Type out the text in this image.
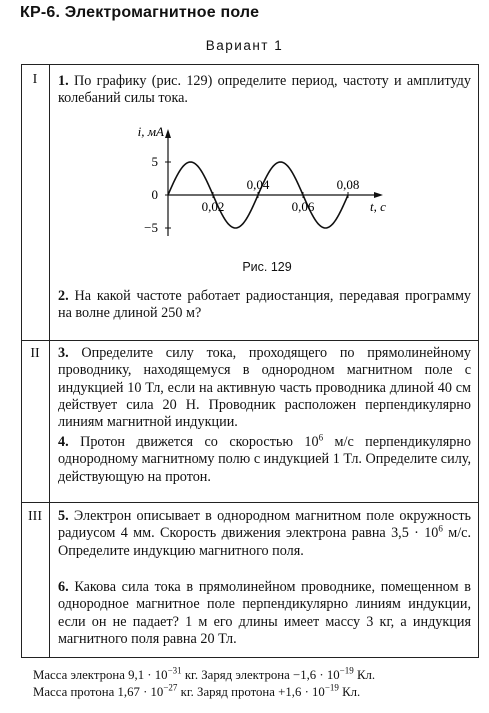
КР-6. Электромагнитное поле
Вариант 1
I
II
III
1. По графику (рис. 129) определите период, частоту и амплитуду колебаний силы тока.
5
0
−5
0,02	0,06
0,04	0,08
i, мА
t, с
Рис. 129
2. На какой частоте работает радиостанция, передавая программу на волне длиной 250 м?
3. Определите силу тока, проходящего по прямолинейному проводнику, находящемуся в однородном магнитном поле с индукцией 10 Тл, если на активную часть проводника длиной 40 см действует сила 20 Н. Проводник расположен перпендикулярно линиям магнитной индукции.
4. Протон движется со скоростью $10^6$ м/с перпендикулярно однородному магнитному полю с индукцией 1 Тл. Определите силу, действующую на протон.
5. Электрон описывает в однородном магнитном поле окружность радиусом 4 мм. Скорость движения электрона равна $3,5 \cdot 10^6$ м/с. Определите индукцию магнитного поля.
6. Какова сила тока в прямолинейном проводнике, помещенном в однородное магнитное поле перпендикулярно линиям индукции, если он не падает? 1 м его длины имеет массу 3 кг, а индукция магнитного поля равна 20 Тл.
Масса электрона $9,1 \cdot 10^{-31}$ кг. Заряд электрона $-1,6 \cdot 10^{-19}$ Кл.
Масса протона $1,67 \cdot 10^{-27}$ кг. Заряд протона $+1,6 \cdot 10^{-19}$ Кл.
